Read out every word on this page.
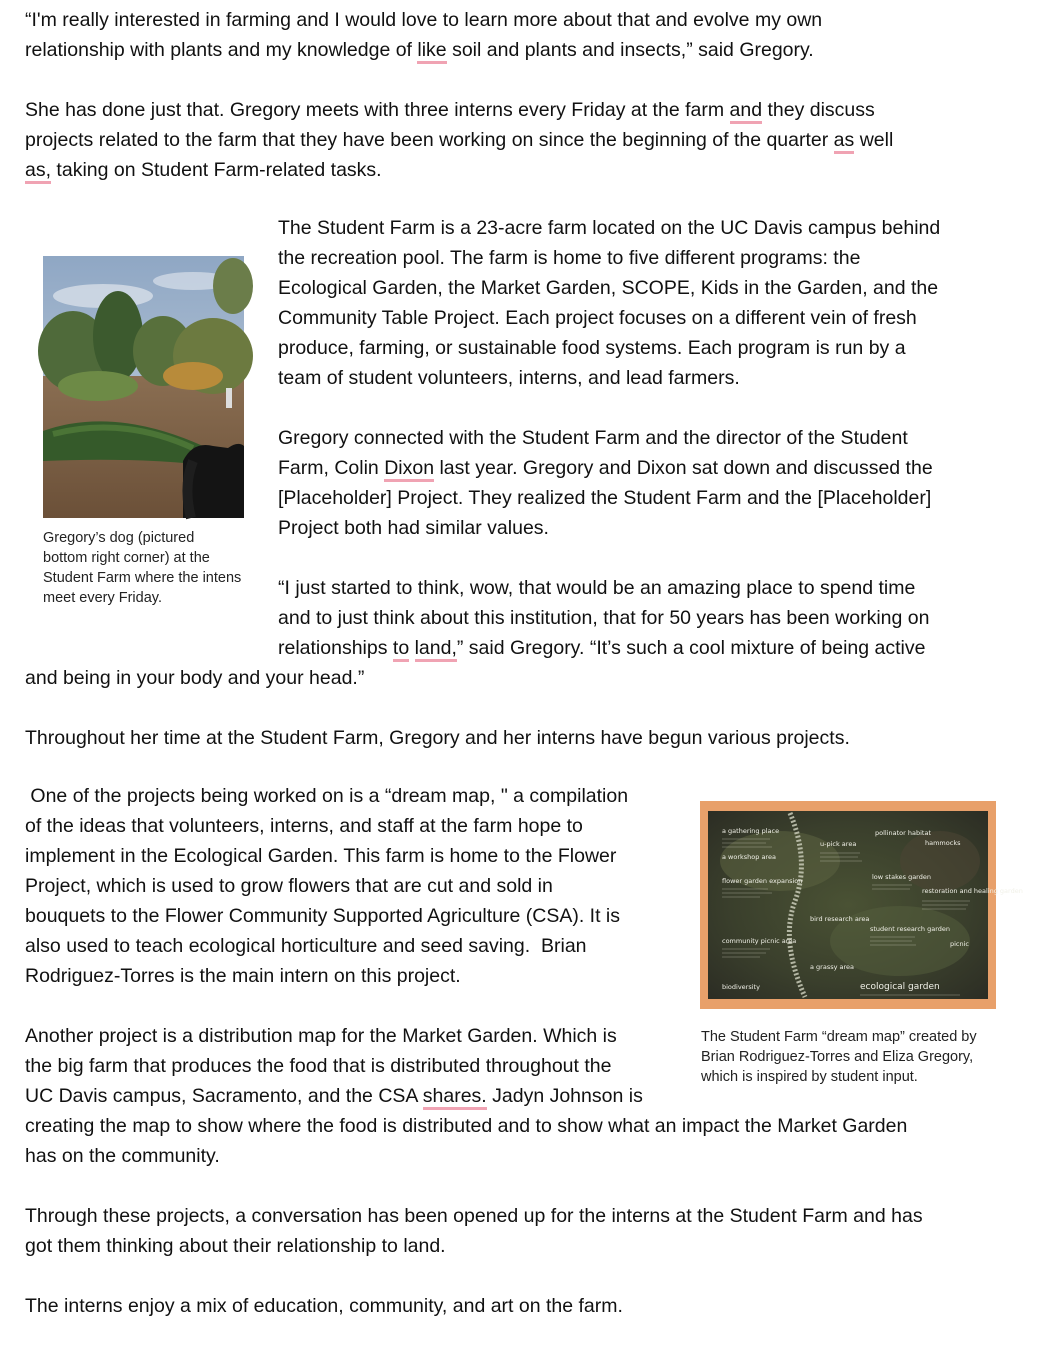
“I'm really interested in farming and I would love to learn more about that and evolve my own
relationship with plants and my knowledge of like soil and plants and insects,” said Gregory.
She has done just that. Gregory meets with three interns every Friday at the farm and they discuss
projects related to the farm that they have been working on since the beginning of the quarter as well
as, taking on Student Farm-related tasks.
The Student Farm is a 23-acre farm located on the UC Davis campus behind
the recreation pool. The farm is home to five different programs: the
Ecological Garden, the Market Garden, SCOPE, Kids in the Garden, and the
Community Table Project. Each project focuses on a different vein of fresh
produce, farming, or sustainable food systems. Each program is run by a
team of student volunteers, interns, and lead farmers.
Gregory connected with the Student Farm and the director of the Student
Farm, Colin Dixon last year. Gregory and Dixon sat down and discussed the
[Placeholder] Project. They realized the Student Farm and the [Placeholder]
Project both had similar values.
“I just started to think, wow, that would be an amazing place to spend time
and to just think about this institution, that for 50 years has been working on
relationships to land,” said Gregory. “It’s such a cool mixture of being active
and being in your body and your head.”
Throughout her time at the Student Farm, Gregory and her interns have begun various projects.
One of the projects being worked on is a “dream map, " a compilation
of the ideas that volunteers, interns, and staff at the farm hope to
implement in the Ecological Garden. This farm is home to the Flower
Project, which is used to grow flowers that are cut and sold in
bouquets to the Flower Community Supported Agriculture (CSA). It is
also used to teach ecological horticulture and seed saving.  Brian
Rodriguez-Torres is the main intern on this project.
Another project is a distribution map for the Market Garden. Which is
the big farm that produces the food that is distributed throughout the
UC Davis campus, Sacramento, and the CSA shares. Jadyn Johnson is
creating the map to show where the food is distributed and to show what an impact the Market Garden
has on the community.
Through these projects, a conversation has been opened up for the interns at the Student Farm and has
got them thinking about their relationship to land.
The interns enjoy a mix of education, community, and art on the farm.
Gregory’s dog (pictured
bottom right corner) at the
Student Farm where the intens
meet every Friday.
a gathering place
a workshop area
u-pick area
pollinator habitat
hammocks
flower garden expansion	low stakes garden
restoration and healing garden
bird research area
student research garden
community picnic area	picnic
a grassy area
biodiversity	ecological garden
The Student Farm “dream map” created by
Brian Rodriguez-Torres and Eliza Gregory,
which is inspired by student input.
